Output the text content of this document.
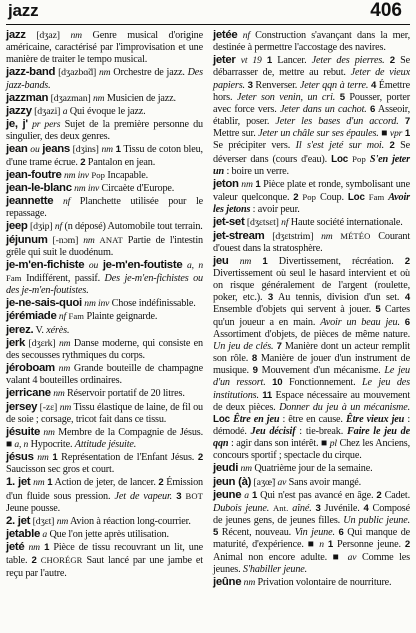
jazz	406

jazz [dʒaz] nm Genre musical d'origine américaine, caractérisé par l'improvisation et une manière de traiter le tempo musical.

jazz-band [dʒazbɑ̃d] nm Orchestre de jazz. Des jazz-bands.

jazzman [dʒazman] nm Musicien de jazz.

jazzy [dʒazi] a Qui évoque le jazz.

je, j' pr pers Sujet de la première personne du singulier, des deux genres.

jean ou jeans [dʒins] nm 1 Tissu de coton bleu, d'une trame écrue. 2 Pantalon en jean.

jean-foutre nm inv Pop Incapable.

jean-le-blanc nm inv Circaète d'Europe.

jeannette nf Planchette utilisée pour le repassage.

jeep [dʒip] nf (n déposé) Automobile tout terrain.

jéjunum [-nɔm] nm ANAT Partie de l'intestin grêle qui suit le duodénum.

je-m'en-fichiste ou je-m'en-foutiste a, n Fam Indifférent, passif. Des je-m'en-fichistes ou des je-m'en-foutistes.

je-ne-sais-quoi nm inv Chose indéfinissable.

jérémiade nf Fam Plainte geignarde.

jerez. V. xérès.

jerk [dʒɛrk] nm Danse moderne, qui consiste en des secousses rythmiques du corps.

jéroboam nm Grande bouteille de champagne valant 4 bouteilles ordinaires.

jerricane nm Réservoir portatif de 20 litres.

jersey [-zɛ] nm Tissu élastique de laine, de fil ou de soie ; corsage, tricot fait dans ce tissu.

jésuite nm Membre de la Compagnie de Jésus. ■ a, n Hypocrite. Attitude jésuite.

jésus nm 1 Représentation de l'Enfant Jésus. 2 Saucisson sec gros et court.

1. jet nm 1 Action de jeter, de lancer. 2 Émission d'un fluide sous pression. Jet de vapeur. 3 BOT Jeune pousse.

2. jet [dʒɛt] nm Avion à réaction long-courrier.

jetable a Que l'on jette après utilisation.

jeté nm 1 Pièce de tissu recouvrant un lit, une table. 2 CHORÉGR Saut lancé par une jambe et reçu par l'autre.

jetée nf Construction s'avançant dans la mer, destinée à permettre l'accostage des navires.

jeter vt 19 1 Lancer. Jeter des pierres. 2 Se débarrasser de, mettre au rebut. Jeter de vieux papiers. 3 Renverser. Jeter qqn à terre. 4 Émettre hors. Jeter son venin, un cri. 5 Pousser, porter avec force vers. Jeter dans un cachot. 6 Asseoir, établir, poser. Jeter les bases d'un accord. 7 Mettre sur. Jeter un châle sur ses épaules. ■ vpr 1 Se précipiter vers. Il s'est jeté sur moi. 2 Se déverser dans (cours d'eau). Loc Pop S'en jeter un : boire un verre.

jeton nm 1 Pièce plate et ronde, symbolisant une valeur quelconque. 2 Pop Coup. Loc Fam Avoir les jetons : avoir peur.

jet-set [dʒɛtsɛt] nf Haute société internationale.

jet-stream [dʒɛtstrim] nm MÉTÉO Courant d'ouest dans la stratosphère.

jeu nm 1 Divertissement, récréation. 2 Divertissement où seul le hasard intervient et où on risque généralement de l'argent (roulette, poker, etc.). 3 Au tennis, division d'un set. 4 Ensemble d'objets qui servent à jouer. 5 Cartes qu'un joueur a en main. Avoir un beau jeu. 6 Assortiment d'objets, de pièces de même nature. Un jeu de clés. 7 Manière dont un acteur remplit son rôle. 8 Manière de jouer d'un instrument de musique. 9 Mouvement d'un mécanisme. Le jeu d'un ressort. 10 Fonctionnement. Le jeu des institutions. 11 Espace nécessaire au mouvement de deux pièces. Donner du jeu à un mécanisme. Loc Être en jeu : être en cause. Être vieux jeu : démodé. Jeu décisif : tie-break. Faire le jeu de qqn : agir dans son intérêt. ■ pl Chez les Anciens, concours sportif ; spectacle du cirque.

jeudi nm Quatrième jour de la semaine.

jeun (à) [aʒœ̃] av Sans avoir mangé.

jeune a 1 Qui n'est pas avancé en âge. 2 Cadet. Dubois jeune. Ant. aîné. 3 Juvénile. 4 Composé de jeunes gens, de jeunes filles. Un public jeune. 5 Récent, nouveau. Vin jeune. 6 Qui manque de maturité, d'expérience. ■ n 1 Personne jeune. 2 Animal non encore adulte. ■ av Comme les jeunes. S'habiller jeune.

jeûne nm Privation volontaire de nourriture.
